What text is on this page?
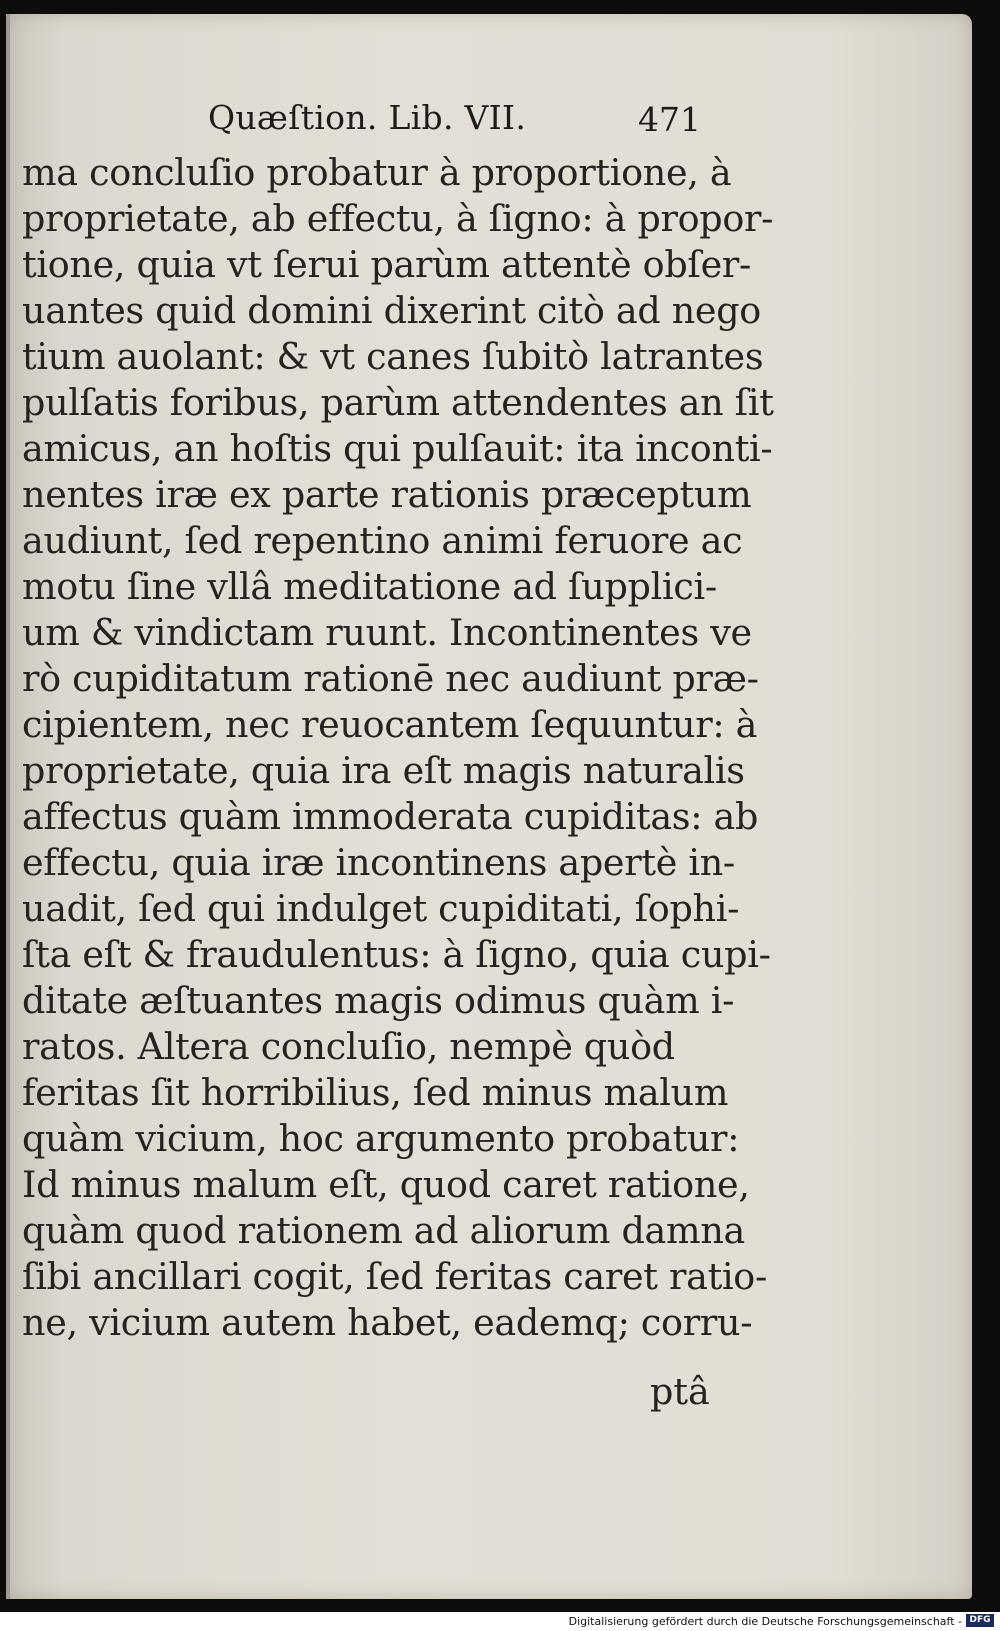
Quæſtion. Lib. VII.	471
ma concluſio probatur à proportione, à
proprietate, ab effectu, à ſigno: à propor-
tione, quia vt ſerui parùm attentè obſer-
uantes quid domini dixerint citò ad nego
tium auolant: & vt canes ſubitò latrantes
pulſatis foribus, parùm attendentes an ſit
amicus, an hoſtis qui pulſauit: ita inconti-
nentes iræ ex parte rationis præceptum
audiunt, ſed repentino animi feruore ac
motu ſine vllâ meditatione ad ſupplici-
um & vindictam ruunt. Incontinentes ve
rò cupiditatum rationē nec audiunt præ-
cipientem, nec reuocantem ſequuntur: à
proprietate, quia ira eſt magis naturalis
affectus quàm immoderata cupiditas: ab
effectu, quia iræ incontinens apertè in-
uadit, ſed qui indulget cupiditati, ſophi-
ſta eſt & fraudulentus: à ſigno, quia cupi-
ditate æſtuantes magis odimus quàm i-
ratos. Altera concluſio, nempè quòd
feritas ſit horribilius, ſed minus malum
quàm vicium, hoc argumento probatur:
Id minus malum eſt, quod caret ratione,
quàm quod rationem ad aliorum damna
ſibi ancillari cogit, ſed feritas caret ratio-
ne, vicium autem habet, eademq; corru-
ptâ
Digitalisierung gefördert durch die Deutsche Forschungsgemeinschaft - DFG
